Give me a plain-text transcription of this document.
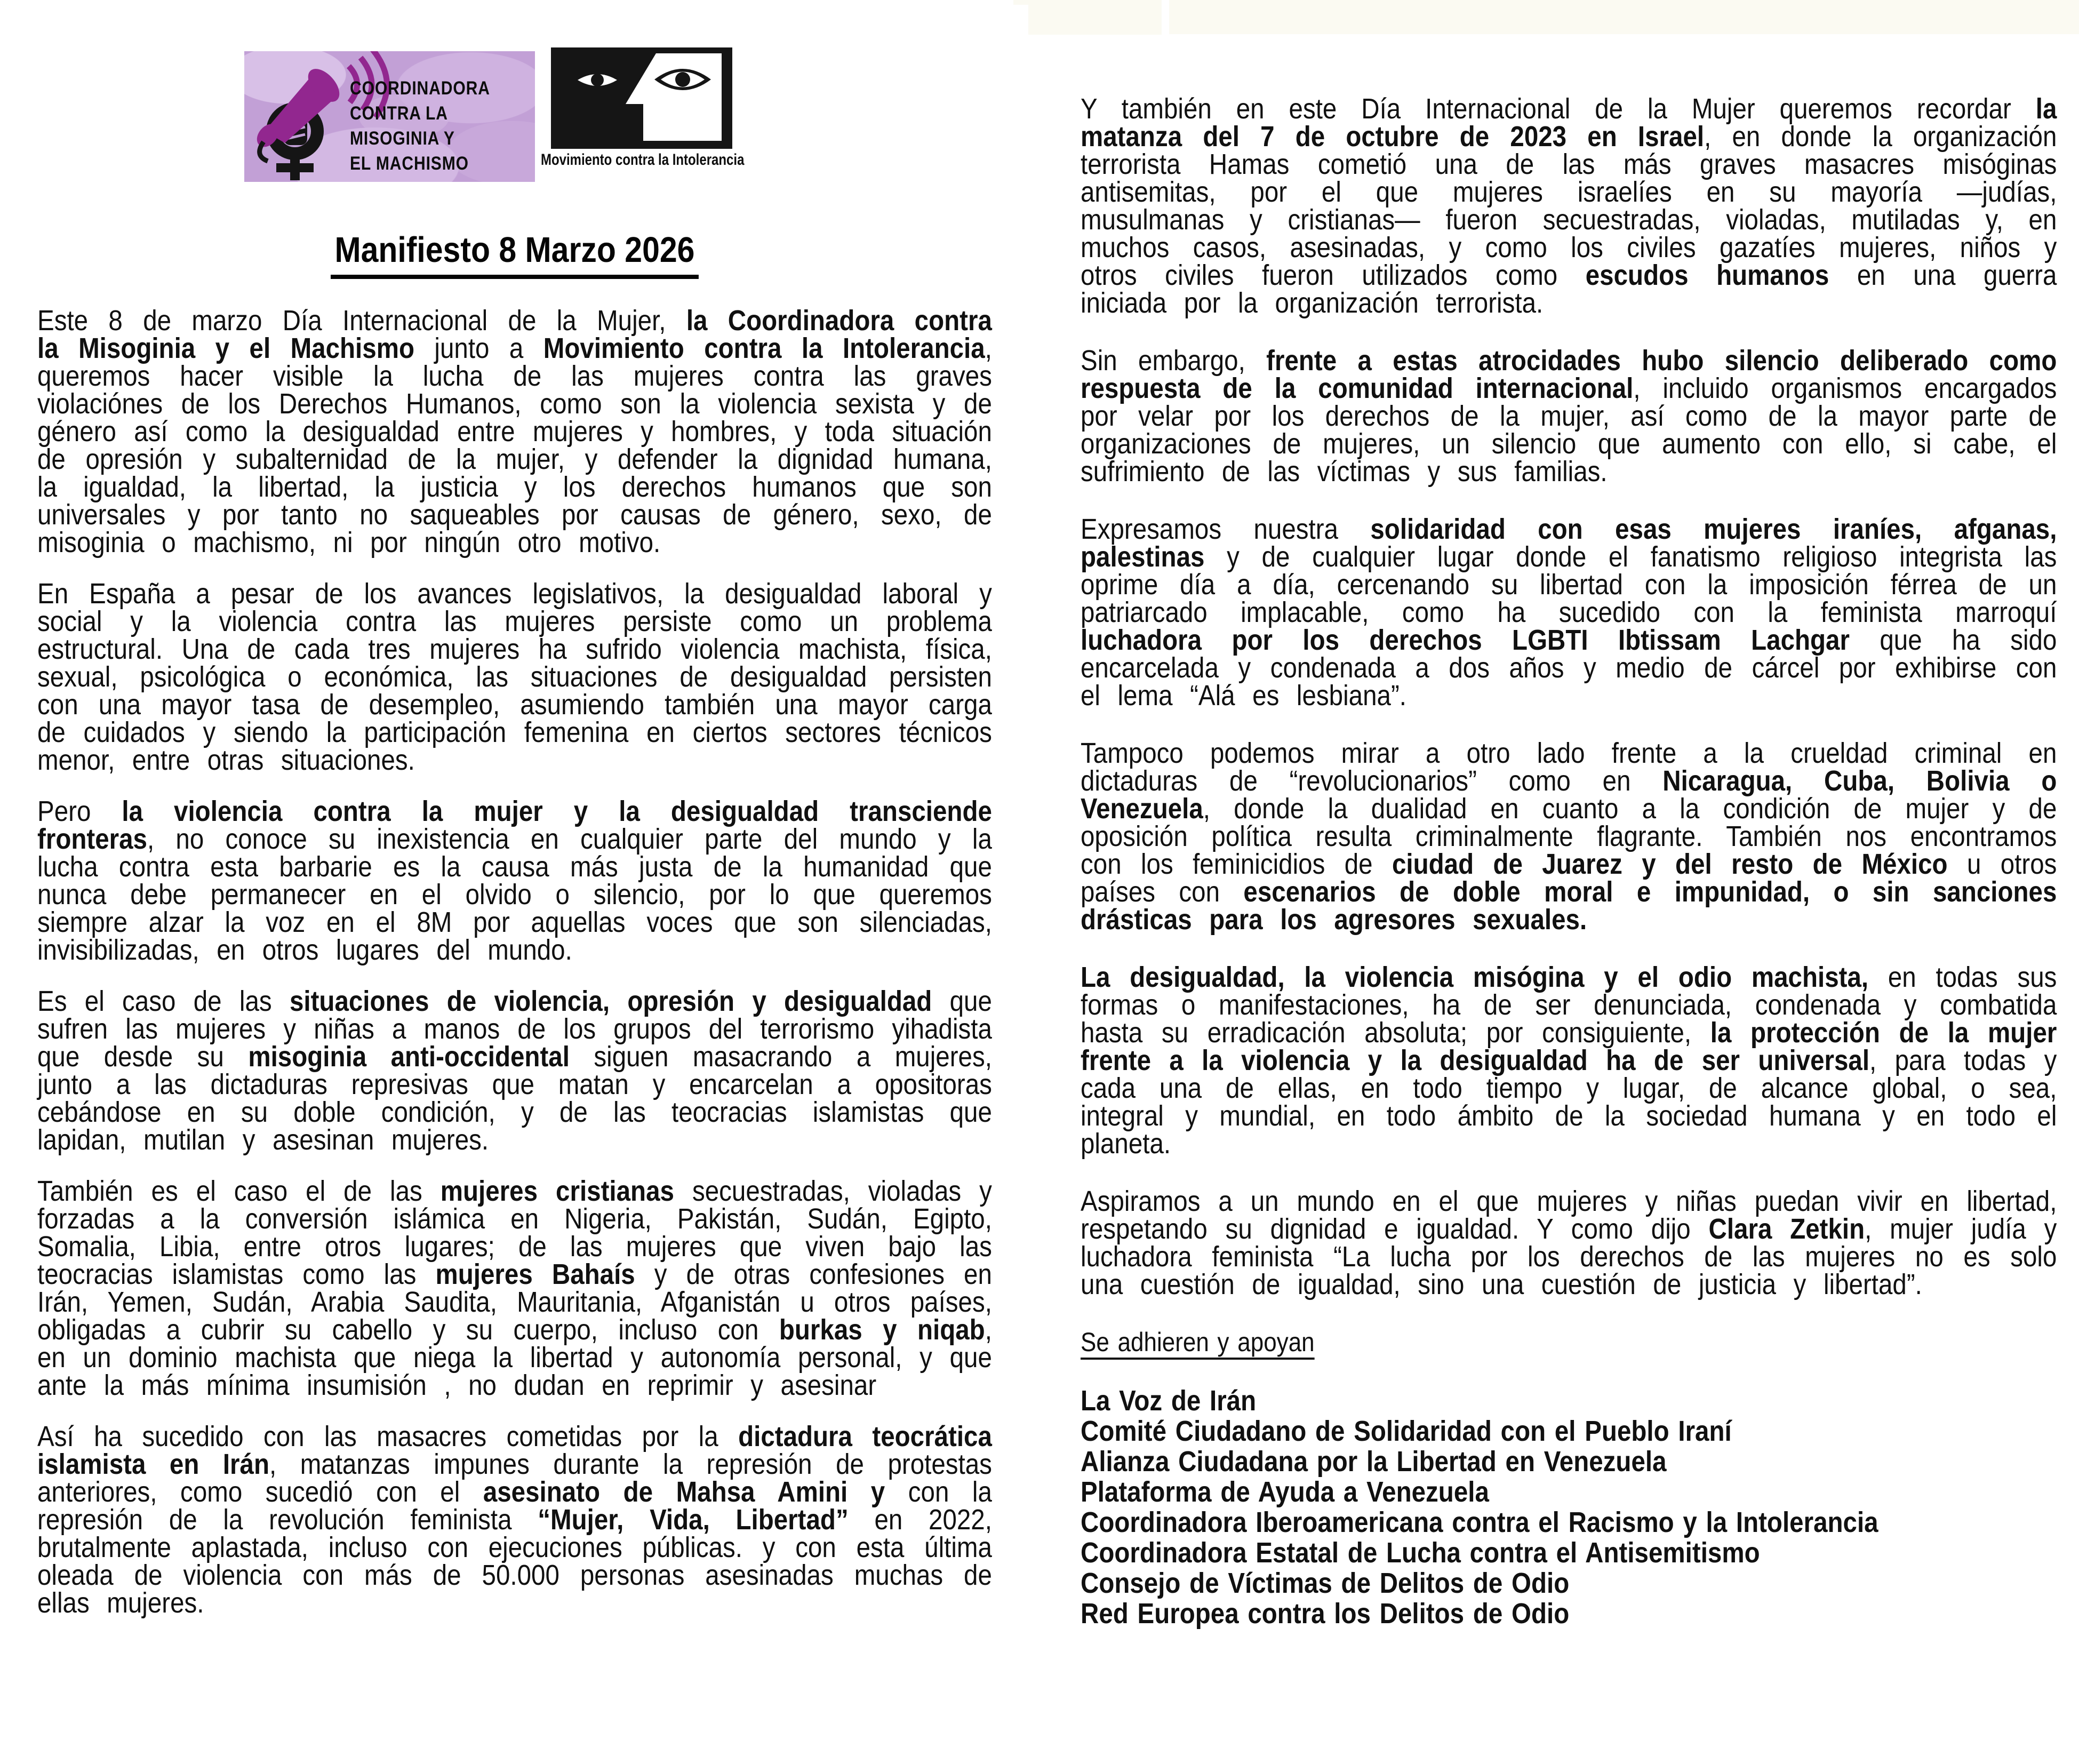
COORDINADORA
CONTRA LA
MISOGINIA Y
EL MACHISMO	Movimiento contra la Intolerancia
Manifiesto 8 Marzo 2026

Este 8 de marzo Día Internacional de la Mujer, la Coordinadora contra la Misoginia y el Machismo junto a Movimiento contra la Intolerancia, queremos hacer visible la lucha de las mujeres contra las graves violaciónes de los Derechos Humanos, como son la violencia sexista y de género así como la desigualdad entre mujeres y hombres, y toda situación de opresión y subalternidad de la mujer, y defender la dignidad humana, la igualdad, la libertad, la justicia y los derechos humanos que son universales y por tanto no saqueables por causas de género, sexo, de misoginia o machismo, ni por ningún otro motivo.

En España a pesar de los avances legislativos, la desigualdad laboral y social y la violencia contra las mujeres persiste como un problema estructural. Una de cada tres mujeres ha sufrido violencia machista, física, sexual, psicológica o económica, las situaciones de desigualdad persisten con una mayor tasa de desempleo, asumiendo también una mayor carga de cuidados y siendo la participación femenina en ciertos sectores técnicos menor, entre otras situaciones.

Pero la violencia contra la mujer y la desigualdad transciende fronteras, no conoce su inexistencia en cualquier parte del mundo y la lucha contra esta barbarie es la causa más justa de la humanidad que nunca debe permanecer en el olvido o silencio, por lo que queremos siempre alzar la voz en el 8M por aquellas voces que son silenciadas, invisibilizadas, en otros lugares del mundo.

Es el caso de las situaciones de violencia, opresión y desigualdad que sufren las mujeres y niñas a manos de los grupos del terrorismo yihadista que desde su misoginia anti-occidental siguen masacrando a mujeres, junto a las dictaduras represivas que matan y encarcelan a opositoras cebándose en su doble condición, y de las teocracias islamistas que lapidan, mutilan y asesinan mujeres.

También es el caso el de las mujeres cristianas secuestradas, violadas y forzadas a la conversión islámica en Nigeria, Pakistán, Sudán, Egipto, Somalia, Libia, entre otros lugares; de las mujeres que viven bajo las teocracias islamistas como las mujeres Bahaís y de otras confesiones en Irán, Yemen, Sudán, Arabia Saudita, Mauritania, Afganistán u otros países, obligadas a cubrir su cabello y su cuerpo, incluso con burkas y niqab, en un dominio machista que niega la libertad y autonomía personal, y que ante la más mínima insumisión , no dudan en reprimir y asesinar

Así ha sucedido con las masacres cometidas por la dictadura teocrática islamista en Irán, matanzas impunes durante la represión de protestas anteriores, como sucedió con el asesinato de Mahsa Amini y con la represión de la revolución feminista “Mujer, Vida, Libertad” en 2022, brutalmente aplastada, incluso con ejecuciones públicas. y con esta última oleada de violencia con más de 50.000 personas asesinadas muchas de ellas mujeres.

Y también en este Día Internacional de la Mujer queremos recordar la matanza del 7 de octubre de 2023 en Israel, en donde la organización terrorista Hamas cometió una de las más graves masacres misóginas antisemitas, por el que mujeres israelíes en su mayoría —judías, musulmanas y cristianas— fueron secuestradas, violadas, mutiladas y, en muchos casos, asesinadas, y como los civiles gazatíes mujeres, niños y otros civiles fueron utilizados como escudos humanos en una guerra iniciada por la organización terrorista.

Sin embargo, frente a estas atrocidades hubo silencio deliberado como respuesta de la comunidad internacional, incluido organismos encargados por velar por los derechos de la mujer, así como de la mayor parte de organizaciones de mujeres, un silencio que aumento con ello, si cabe, el sufrimiento de las víctimas y sus familias.

Expresamos nuestra solidaridad con esas mujeres iraníes, afganas, palestinas y de cualquier lugar donde el fanatismo religioso integrista las oprime día a día, cercenando su libertad con la imposición férrea de un patriarcado implacable, como ha sucedido con la feminista marroquí luchadora por los derechos LGBTI Ibtissam Lachgar que ha sido encarcelada y condenada a dos años y medio de cárcel por exhibirse con el lema “Alá es lesbiana”.

Tampoco podemos mirar a otro lado frente a la crueldad criminal en dictaduras de “revolucionarios” como en Nicaragua, Cuba, Bolivia o Venezuela, donde la dualidad en cuanto a la condición de mujer y de oposición política resulta criminalmente flagrante. También nos encontramos con los feminicidios de ciudad de Juarez y del resto de México u otros países con escenarios de doble moral e impunidad, o sin sanciones drásticas para los agresores sexuales.

La desigualdad, la violencia misógina y el odio machista, en todas sus formas o manifestaciones, ha de ser denunciada, condenada y combatida hasta su erradicación absoluta; por consiguiente, la protección de la mujer frente a la violencia y la desigualdad ha de ser universal, para todas y cada una de ellas, en todo tiempo y lugar, de alcance global, o sea, integral y mundial, en todo ámbito de la sociedad humana y en todo el planeta.

Aspiramos a un mundo en el que mujeres y niñas puedan vivir en libertad, respetando su dignidad e igualdad. Y como dijo Clara Zetkin, mujer judía y luchadora feminista “La lucha por los derechos de las mujeres no es solo una cuestión de igualdad, sino una cuestión de justicia y libertad”.

Se adhieren y apoyan

La Voz de Irán
Comité Ciudadano de Solidaridad con el Pueblo Iraní
Alianza Ciudadana por la Libertad en Venezuela
Plataforma de Ayuda a Venezuela
Coordinadora Iberoamericana contra el Racismo y la Intolerancia
Coordinadora Estatal de Lucha contra el Antisemitismo
Consejo de Víctimas de Delitos de Odio
Red Europea contra los Delitos de Odio
